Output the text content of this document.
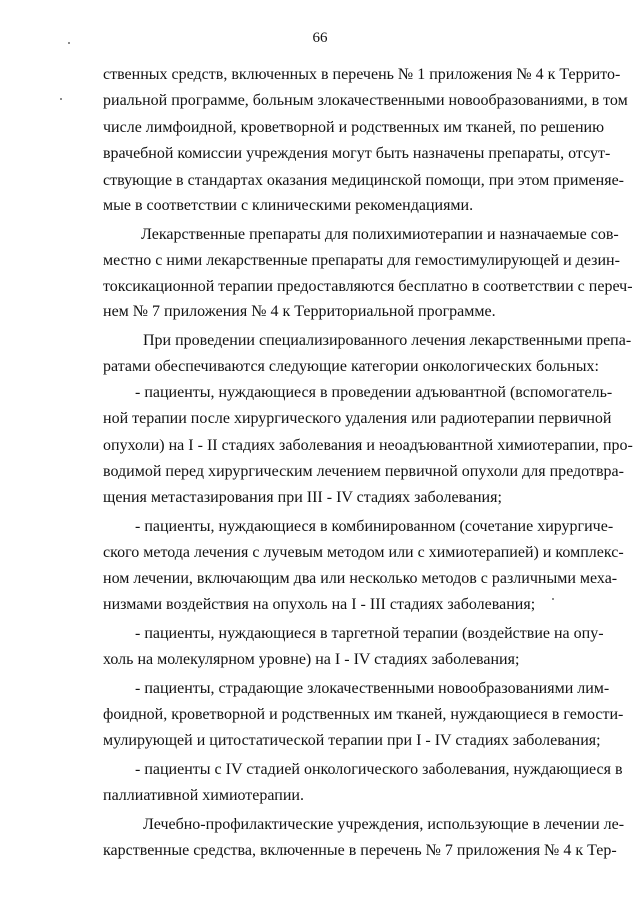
66
ственных средств, включенных в перечень № 1 приложения № 4 к Террито-
риальной программе, больным злокачественными новообразованиями, в том
числе лимфоидной, кроветворной и родственных им тканей, по решению
врачебной комиссии учреждения могут быть назначены препараты, отсут-
ствующие в стандартах оказания медицинской помощи, при этом применяе-
мые в соответствии с клиническими рекомендациями.
Лекарственные препараты для полихимиотерапии и назначаемые сов-
местно с ними лекарственные препараты для гемостимулирующей и дезин-
токсикационной терапии предоставляются бесплатно в соответствии с переч-
нем № 7 приложения № 4 к Территориальной программе.
При проведении специализированного лечения лекарственными препа-
ратами обеспечиваются следующие категории онкологических больных:
- пациенты, нуждающиеся в проведении адъювантной (вспомогатель-
ной терапии после хирургического удаления или радиотерапии первичной
опухоли) на I - II стадиях заболевания и неоадъювантной химиотерапии, про-
водимой перед хирургическим лечением первичной опухоли для предотвра-
щения метастазирования при III - IV стадиях заболевания;
- пациенты, нуждающиеся в комбинированном (сочетание хирургиче-
ского метода лечения с лучевым методом или с химиотерапией) и комплекс-
ном лечении, включающим два или несколько методов с различными меха-
низмами воздействия на опухоль на I - III стадиях заболевания;
- пациенты, нуждающиеся в таргетной терапии (воздействие на опу-
холь на молекулярном уровне) на I - IV стадиях заболевания;
- пациенты, страдающие злокачественными новообразованиями лим-
фоидной, кроветворной и родственных им тканей, нуждающиеся в гемости-
мулирующей и цитостатической терапии при I - IV стадиях заболевания;
- пациенты с IV стадией онкологического заболевания, нуждающиеся в
паллиативной химиотерапии.
Лечебно-профилактические учреждения, использующие в лечении ле-
карственные средства, включенные в перечень № 7 приложения № 4 к Тер-
